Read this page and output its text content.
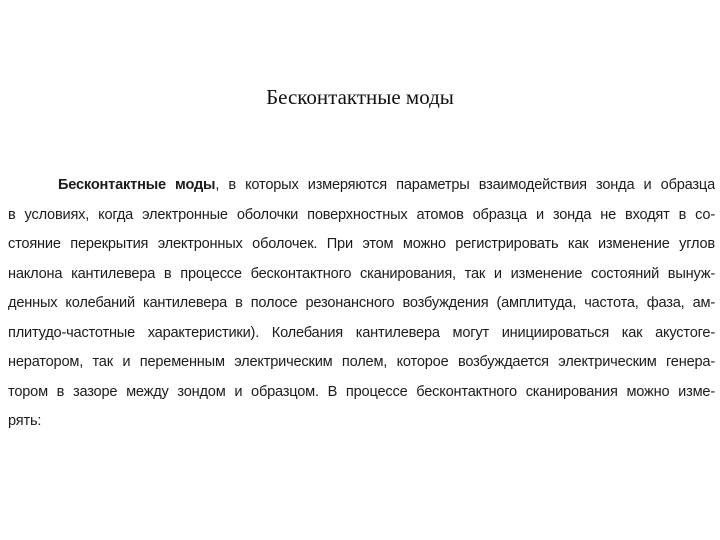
Бесконтактные моды
Бесконтактные моды, в которых измеряются параметры взаимодействия зонда и образца
в условиях, когда электронные оболочки поверхностных атомов образца и зонда не входят в со-
стояние перекрытия электронных оболочек. При этом можно регистрировать как изменение углов
наклона кантилевера в процессе бесконтактного сканирования, так и изменение состояний вынуж-
денных колебаний кантилевера в полосе резонансного возбуждения (амплитуда, частота, фаза, ам-
плитудо-частотные характеристики). Колебания кантилевера могут инициироваться как акустоге-
нератором, так и переменным электрическим полем, которое возбуждается электрическим генера-
тором в зазоре между зондом и образцом. В процессе бесконтактного сканирования можно изме-
рять:
